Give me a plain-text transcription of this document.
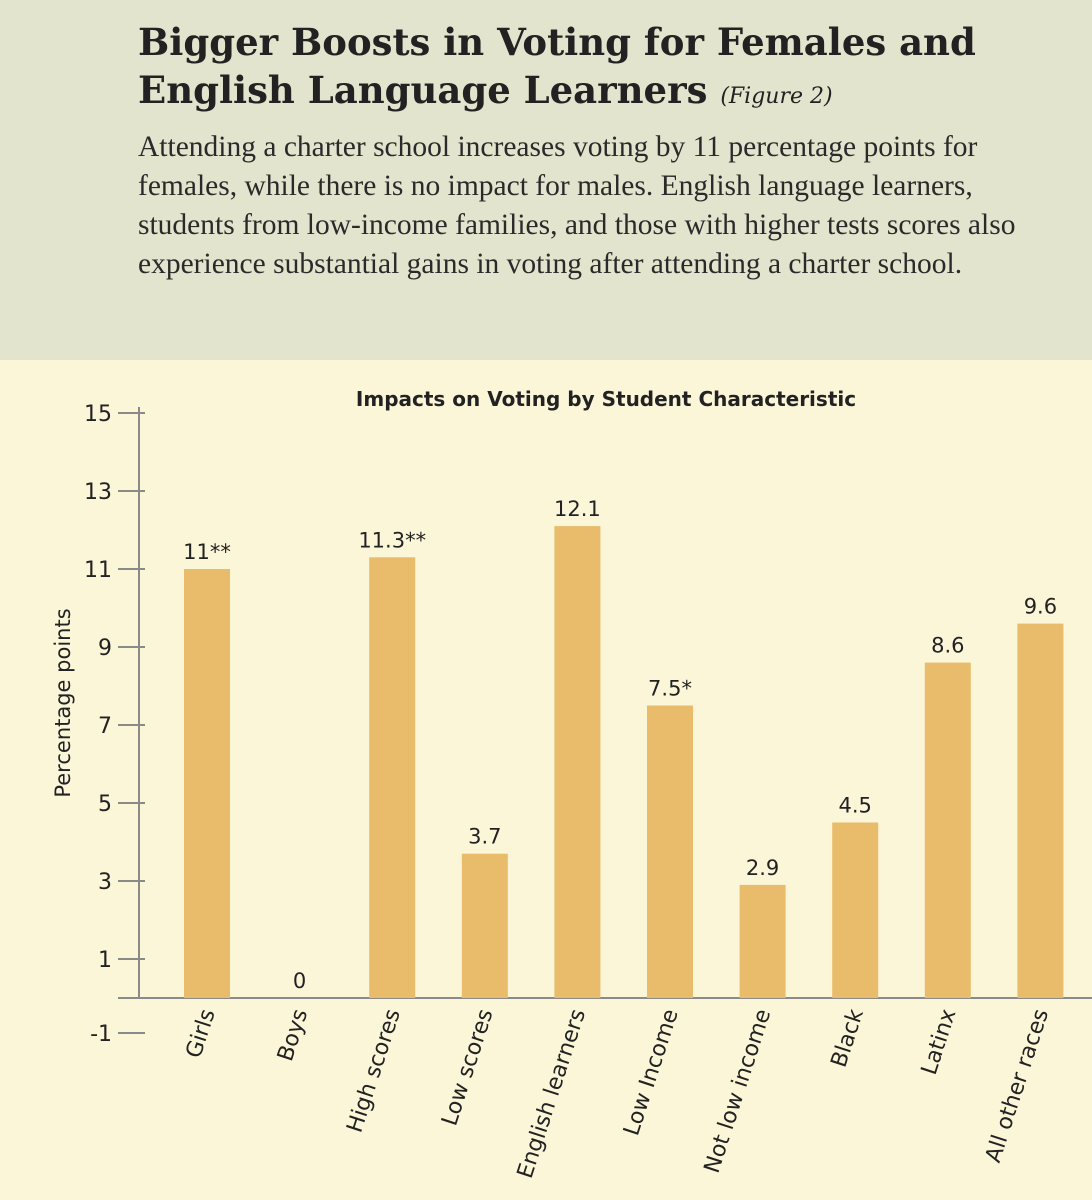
Bigger Boosts in Voting for Females and English Language Learners (Figure 2)

Attending a charter school increases voting by 11 percentage points for females, while there is no impact for males. English language learners, students from low-income families, and those with higher tests scores also experience substantial gains in voting after attending a charter school.

Impacts on Voting by Student Characteristic
Percentage points
15
13
11
9
7
5
3
1
-1
11**
0
11.3**
3.7
12.1
7.5*
2.9
4.5
8.6
9.6
Girls Boys High scores Low scores English learners Low Income Not low income Black Latinx All other races
